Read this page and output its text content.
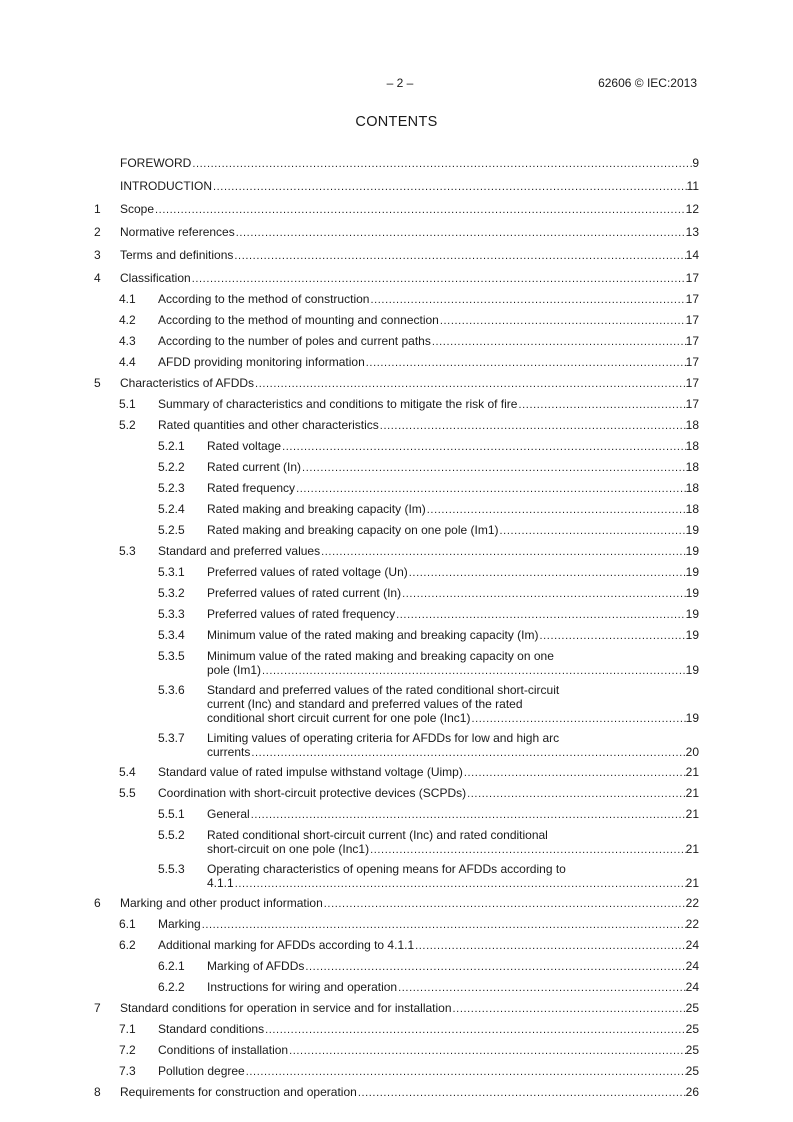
– 2 –	62606 © IEC:2013
CONTENTS
FOREWORD .....	9
INTRODUCTION .....	11
1	Scope .....	12
2	Normative references .....	13
3	Terms and definitions .....	14
4	Classification .....	17
4.1	According to the method of construction .....	17
4.2	According to the method of mounting and connection .....	17
4.3	According to the number of poles and current paths .....	17
4.4	AFDD providing monitoring information .....	17
5	Characteristics of AFDDs .....	17
5.1	Summary of characteristics and conditions to mitigate the risk of fire .....	17
5.2	Rated quantities and other characteristics .....	18
5.2.1	Rated voltage .....	18
5.2.2	Rated current (In) .....	18
5.2.3	Rated frequency .....	18
5.2.4	Rated making and breaking capacity (Im) .....	18
5.2.5	Rated making and breaking capacity on one pole (Im1) .....	19
5.3	Standard and preferred values .....	19
5.3.1	Preferred values of rated voltage (Un) .....	19
5.3.2	Preferred values of rated current (In) .....	19
5.3.3	Preferred values of rated frequency .....	19
5.3.4	Minimum value of the rated making and breaking capacity (Im) .....	19
5.3.5	Minimum value of the rated making and breaking capacity on one
pole (Im1) .....	19
5.3.6	Standard and preferred values of the rated conditional short-circuit
current (Inc) and standard and preferred values of the rated
conditional short circuit current for one pole (Inc1) .....	19
5.3.7	Limiting values of operating criteria for AFDDs for low and high arc
currents .....	20
5.4	Standard value of rated impulse withstand voltage (Uimp) .....	21
5.5	Coordination with short-circuit protective devices (SCPDs) .....	21
5.5.1	General .....	21
5.5.2	Rated conditional short-circuit current (Inc) and rated conditional
short-circuit on one pole (Inc1) .....	21
5.5.3	Operating characteristics of opening means for AFDDs according to
4.1.1 .....	21
6	Marking and other product information .....	22
6.1	Marking .....	22
6.2	Additional marking for AFDDs according to 4.1.1 .....	24
6.2.1	Marking of AFDDs .....	24
6.2.2	Instructions for wiring and operation .....	24
7	Standard conditions for operation in service and for installation .....	25
7.1	Standard conditions .....	25
7.2	Conditions of installation .....	25
7.3	Pollution degree .....	25
8	Requirements for construction and operation .....	26
